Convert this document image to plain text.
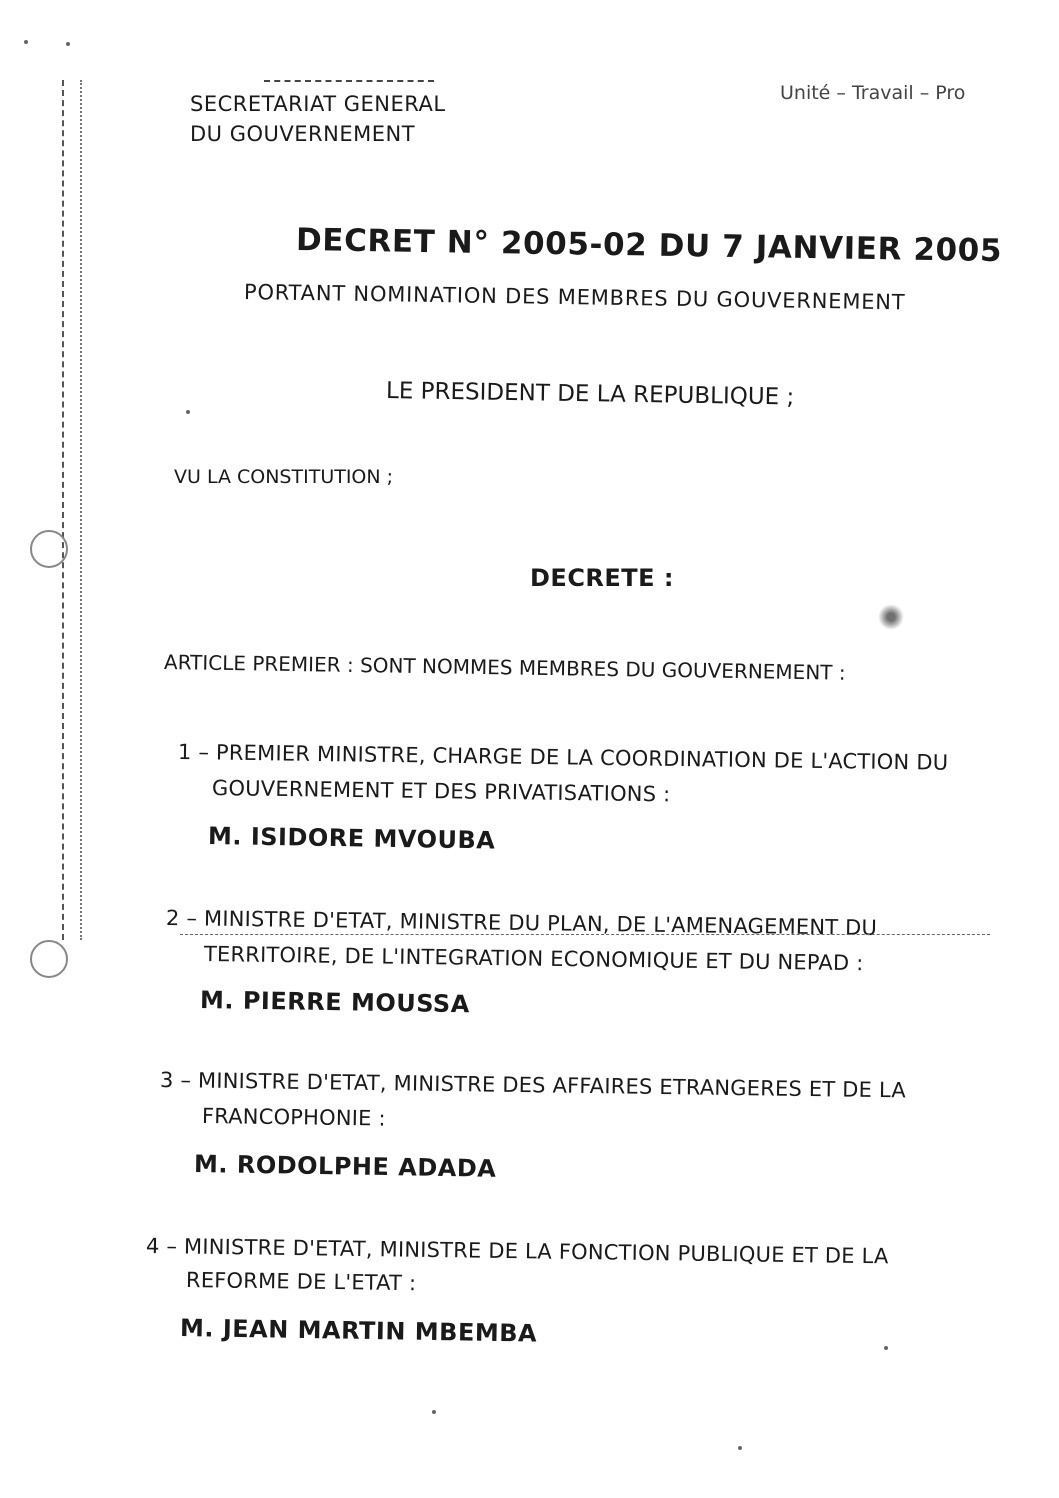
SECRETARIAT GENERAL
DU GOUVERNEMENT
Unité – Travail – Pro
DECRET N° 2005-02 DU 7 JANVIER 2005
PORTANT NOMINATION DES MEMBRES DU GOUVERNEMENT
LE PRESIDENT DE LA REPUBLIQUE ;
VU LA CONSTITUTION ;
DECRETE :
ARTICLE PREMIER : SONT NOMMES MEMBRES DU GOUVERNEMENT :
1 – PREMIER MINISTRE, CHARGE DE LA COORDINATION DE L'ACTION DU
GOUVERNEMENT ET DES PRIVATISATIONS :
M. ISIDORE MVOUBA
2 – MINISTRE D'ETAT, MINISTRE DU PLAN, DE L'AMENAGEMENT DU
TERRITOIRE, DE L'INTEGRATION ECONOMIQUE ET DU NEPAD :
M. PIERRE MOUSSA
3 – MINISTRE D'ETAT, MINISTRE DES AFFAIRES ETRANGERES ET DE LA
FRANCOPHONIE :
M. RODOLPHE ADADA
4 – MINISTRE D'ETAT, MINISTRE DE LA FONCTION PUBLIQUE ET DE LA
REFORME DE L'ETAT :
M. JEAN MARTIN MBEMBA
